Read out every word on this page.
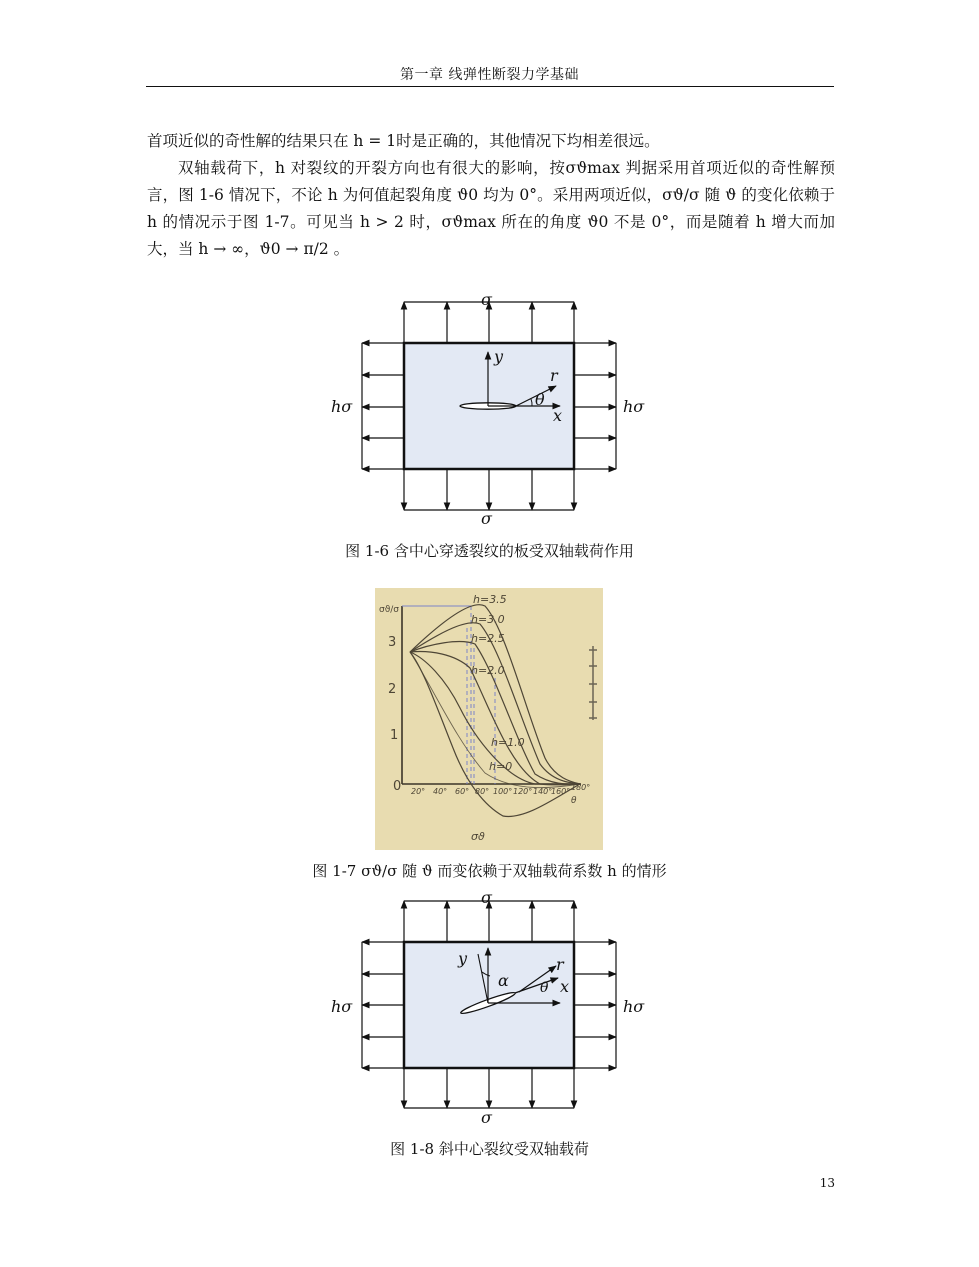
第一章 线弹性断裂力学基础

首项近似的奇性解的结果只在 h = 1时是正确的，其他情况下均相差很远。

双轴载荷下，h 对裂纹的开裂方向也有很大的影响，按σϑmax 判据采用首项近似的奇性解预言，图 1-6 情况下，不论 h 为何值起裂角度 ϑ0 均为 0°。采用两项近似，σϑ/σ 随 ϑ 的变化依赖于 h 的情况示于图 1-7。可见当 h > 2 时，σϑmax 所在的角度 ϑ0 不是 0°，而是随着 h 增大而加大，当 h → ∞，ϑ0 → π/2 。

σ
σ
hσ	hσ
y
x
r
θ
图 1-6 含中心穿透裂纹的板受双轴载荷作用
h=3.5
h=3.0
h=2.5
h=2.0
h=1.0
h=0
3
2
1
0
σϑ/σ
20° 40° 60° 80° 100° 120° 140°
160° 180°
θ
σϑ
图 1-7 σϑ/σ 随 ϑ 而变依赖于双轴载荷系数 h 的情形
σ
σ
hσ	hσ
y
x
r
θ
α
图 1-8 斜中心裂纹受双轴载荷
13
